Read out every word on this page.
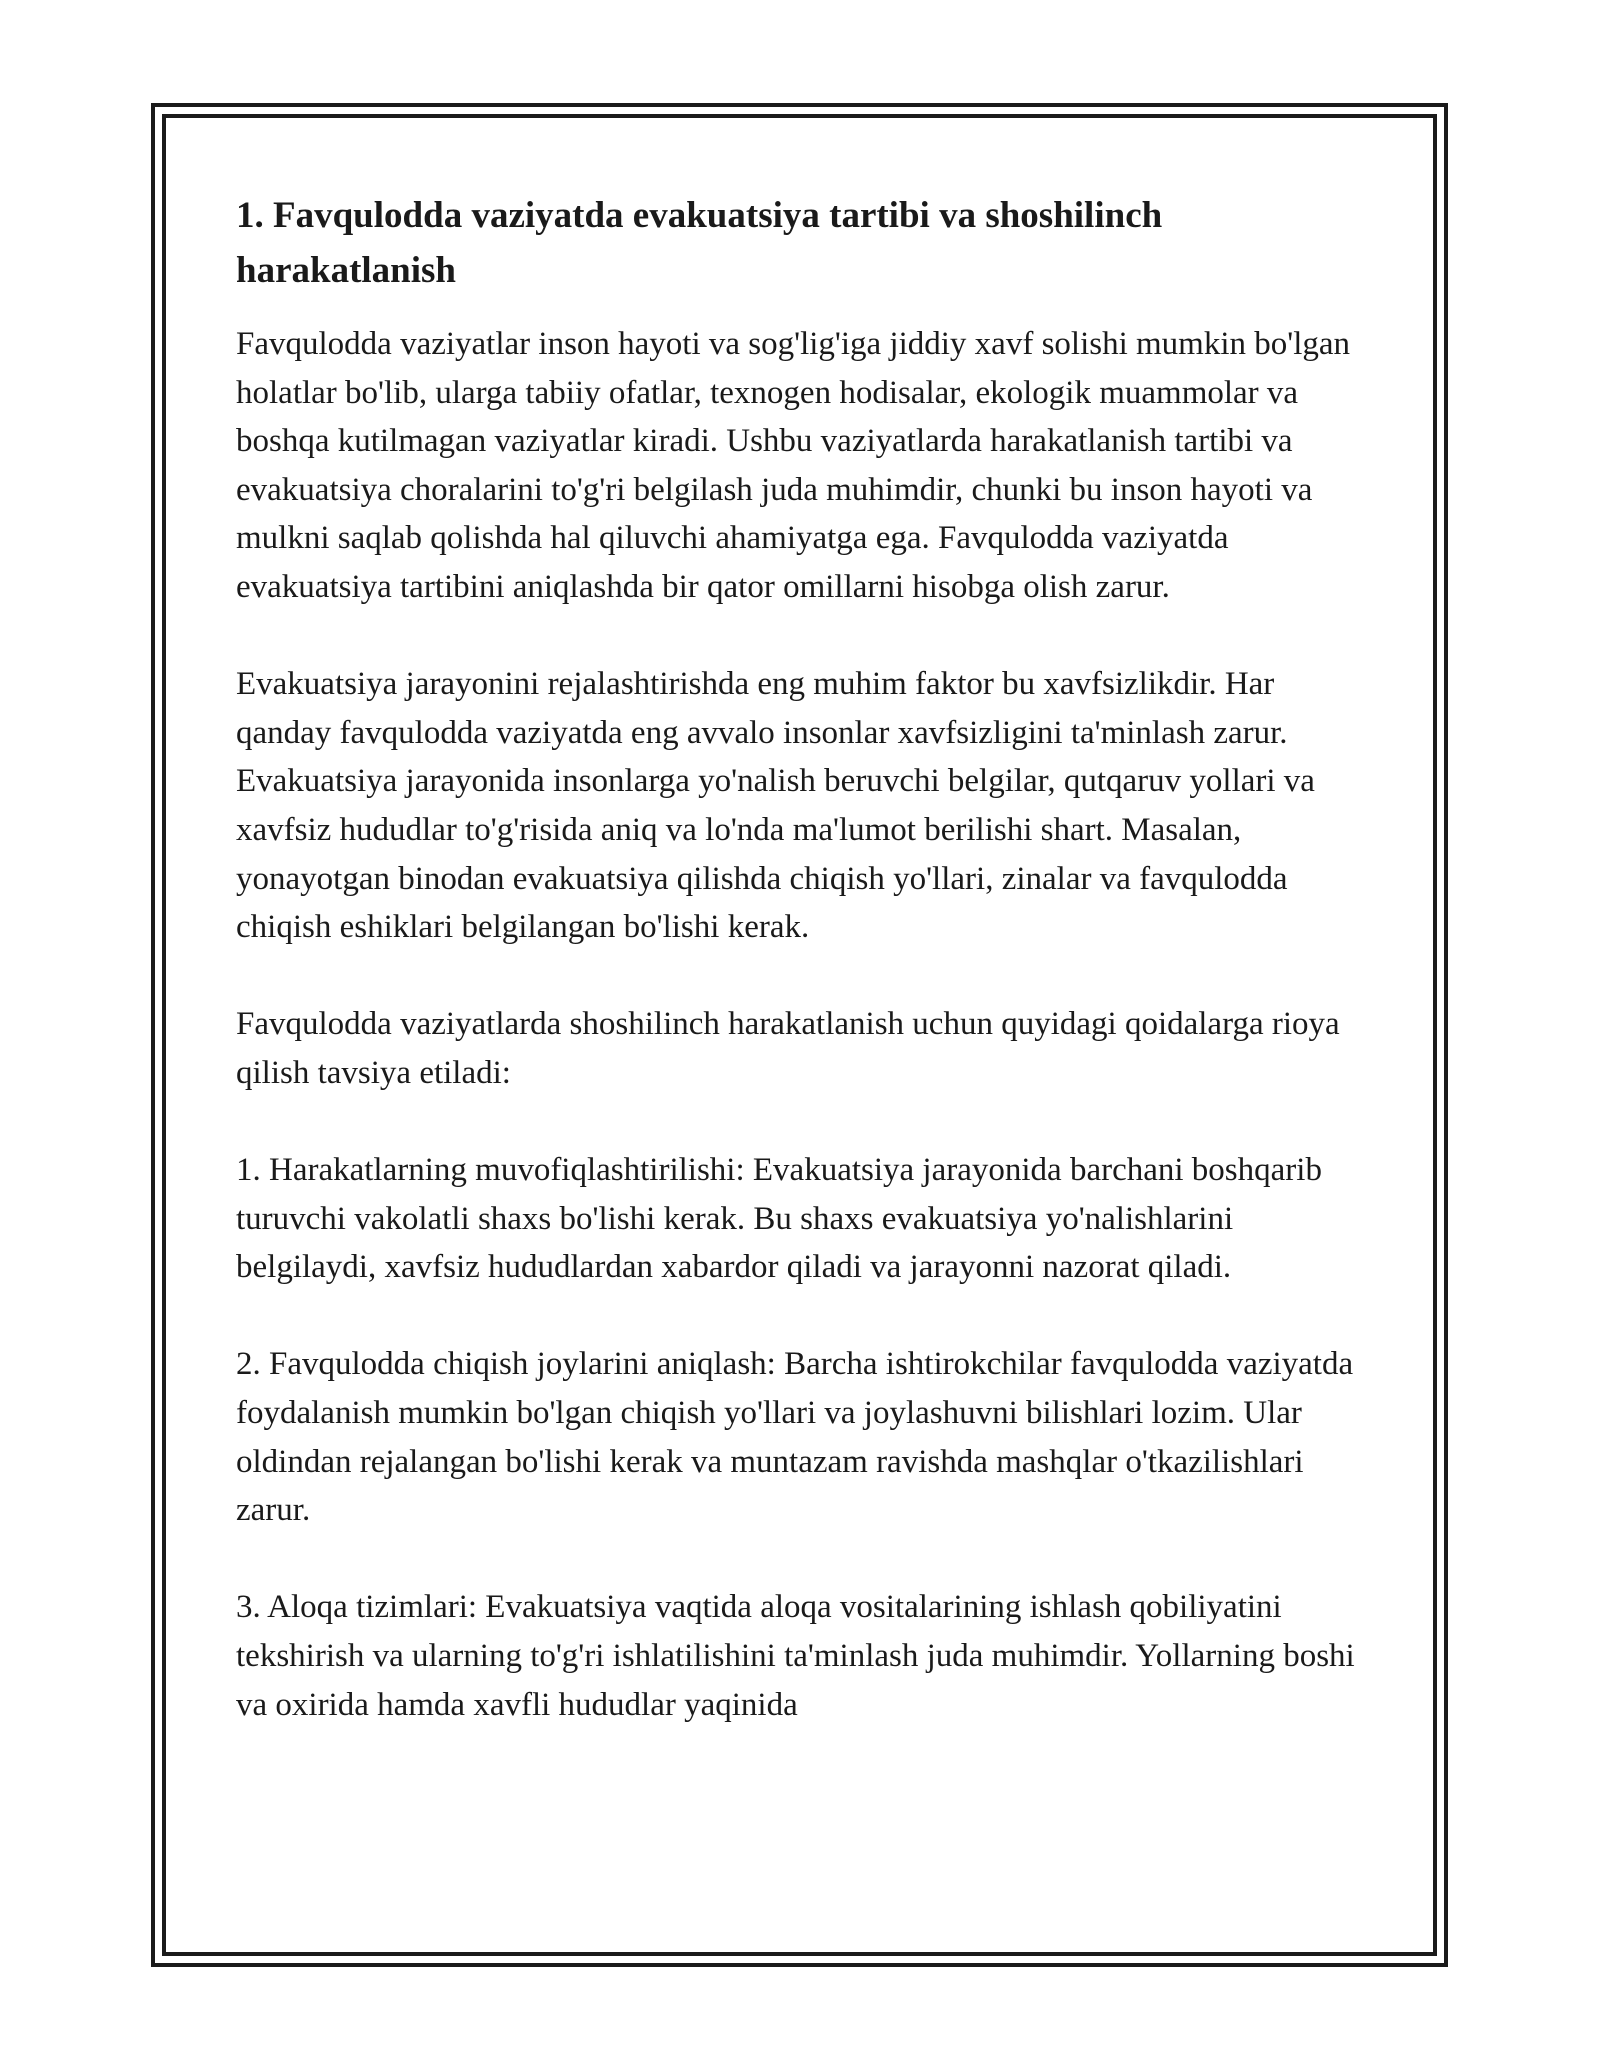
1. Favqulodda vaziyatda evakuatsiya tartibi va shoshilinch harakatlanish

Favqulodda vaziyatlar inson hayoti va sog'lig'iga jiddiy xavf solishi mumkin bo'lgan holatlar bo'lib, ularga tabiiy ofatlar, texnogen hodisalar, ekologik muammolar va boshqa kutilmagan vaziyatlar kiradi. Ushbu vaziyatlarda harakatlanish tartibi va evakuatsiya choralarini to'g'ri belgilash juda muhimdir, chunki bu inson hayoti va mulkni saqlab qolishda hal qiluvchi ahamiyatga ega. Favqulodda vaziyatda evakuatsiya tartibini aniqlashda bir qator omillarni hisobga olish zarur.

Evakuatsiya jarayonini rejalashtirishda eng muhim faktor bu xavfsizlikdir. Har qanday favqulodda vaziyatda eng avvalo insonlar xavfsizligini ta'minlash zarur. Evakuatsiya jarayonida insonlarga yo'nalish beruvchi belgilar, qutqaruv yollari va xavfsiz hududlar to'g'risida aniq va lo'nda ma'lumot berilishi shart. Masalan, yonayotgan binodan evakuatsiya qilishda chiqish yo'llari, zinalar va favqulodda chiqish eshiklari belgilangan bo'lishi kerak.

Favqulodda vaziyatlarda shoshilinch harakatlanish uchun quyidagi qoidalarga rioya qilish tavsiya etiladi:

1. Harakatlarning muvofiqlashtirilishi: Evakuatsiya jarayonida barchani boshqarib turuvchi vakolatli shaxs bo'lishi kerak. Bu shaxs evakuatsiya yo'nalishlarini belgilaydi, xavfsiz hududlardan xabardor qiladi va jarayonni nazorat qiladi.

2. Favqulodda chiqish joylarini aniqlash: Barcha ishtirokchilar favqulodda vaziyatda foydalanish mumkin bo'lgan chiqish yo'llari va joylashuvni bilishlari lozim. Ular oldindan rejalangan bo'lishi kerak va muntazam ravishda mashqlar o'tkazilishlari zarur.

3. Aloqa tizimlari: Evakuatsiya vaqtida aloqa vositalarining ishlash qobiliyatini tekshirish va ularning to'g'ri ishlatilishini ta'minlash juda muhimdir. Yollarning boshi va oxirida hamda xavfli hududlar yaqinida
